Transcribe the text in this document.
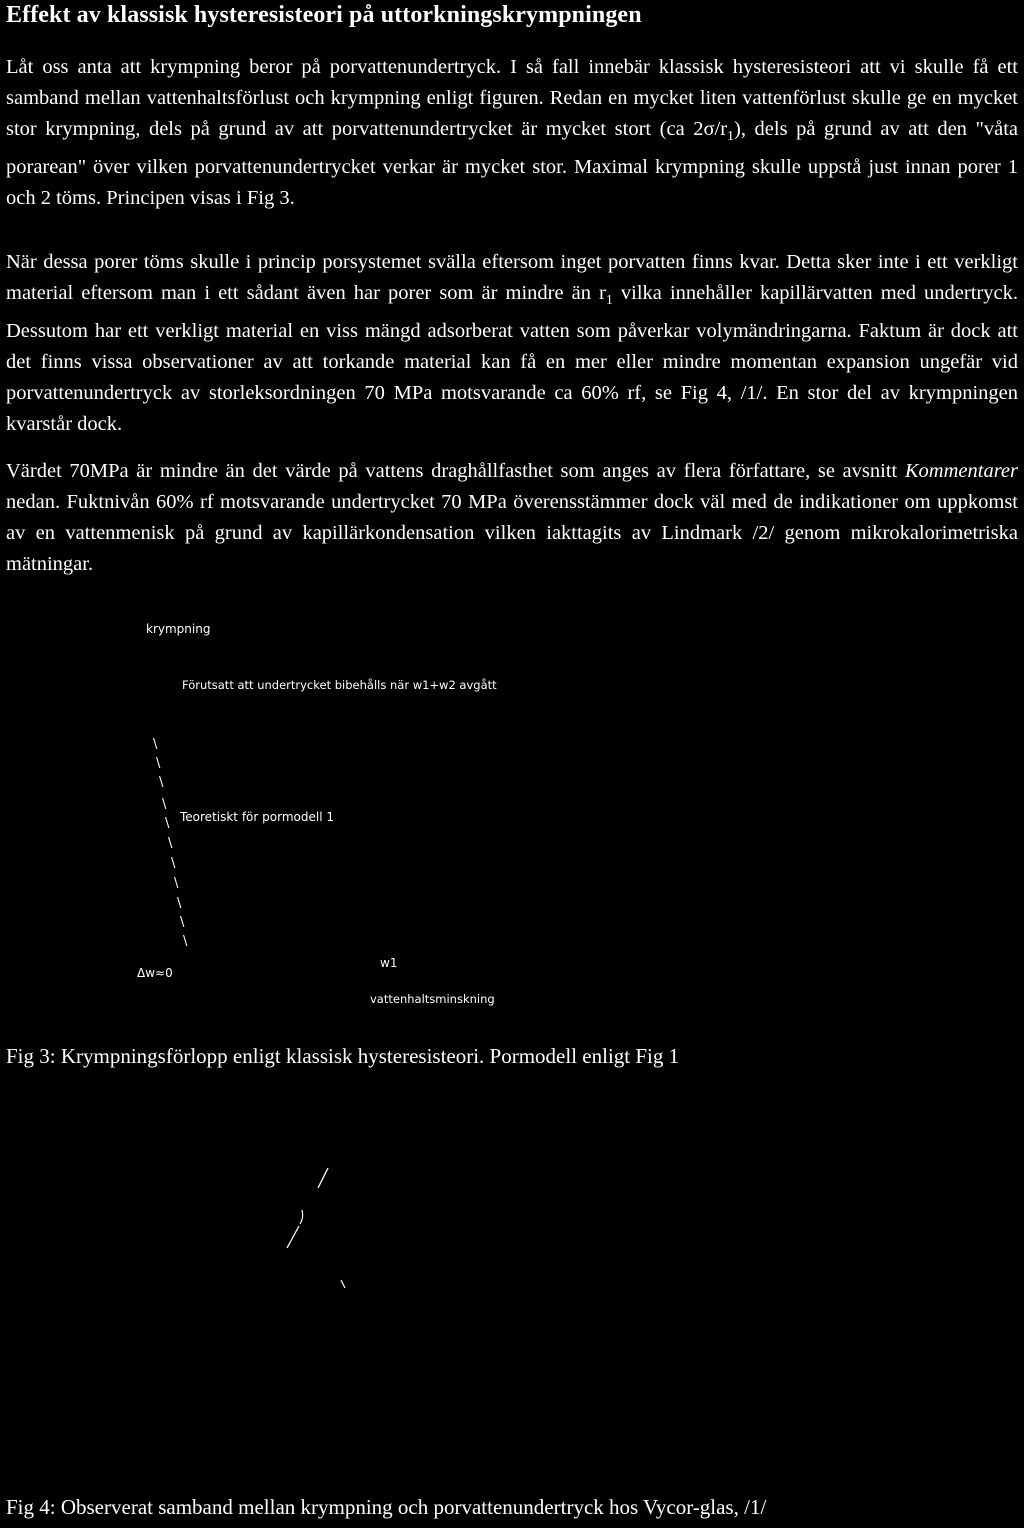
Effekt av klassisk hysteresisteori på uttorkningskrympningen

Låt oss anta att krympning beror på porvattenundertryck. I så fall innebär klassisk hysteresisteori att vi skulle få ett samband mellan vattenhaltsförlust och krympning enligt figuren. Redan en mycket liten vattenförlust skulle ge en mycket stor krympning, dels på grund av att porvattenundertrycket är mycket stort (ca $2\sigma/r_1$), dels på grund av att den "våta porarean" över vilken porvattenundertrycket verkar är mycket stor. Maximal krympning skulle uppstå just innan porer 1 och 2 töms. Principen visas i Fig 3.

När dessa porer töms skulle i princip porsystemet svälla eftersom inget porvatten finns kvar. Detta sker inte i ett verkligt material eftersom man i ett sådant även har porer som är mindre än $r_1$ vilka innehåller kapillärvatten med undertryck. Dessutom har ett verkligt material en viss mängd adsorberat vatten som påverkar volymändringarna. Faktum är dock att det finns vissa observationer av att torkande material kan få en mer eller mindre momentan expansion ungefär vid porvattenundertryck av storleksordningen 70 MPa motsvarande ca 60% rf, se Fig 4, /1/. En stor del av krympningen kvarstår dock.

Värdet 70MPa är mindre än det värde på vattens draghållfasthet som anges av flera författare, se avsnitt Kommentarer nedan. Fuktnivån 60% rf motsvarande undertrycket 70 MPa överensstämmer dock väl med de indikationer om uppkomst av en vattenmenisk på grund av kapillärkondensation vilken iakttagits av Lindmark /2/ genom mikrokalorimetriska mätningar.

krympning
Förutsatt att undertrycket bibehålls när w1+w2 avgått
\
\
\
\
\
\
\
\
\
\
\
Teoretiskt för pormodell 1
Δw≈0
w1
vattenhaltsminskning
Fig 3: Krympningsförlopp enligt klassisk hysteresisteori. Pormodell enligt Fig 1
Fig 4: Observerat samband mellan krympning och porvattenundertryck hos Vycor-glas, /1/
